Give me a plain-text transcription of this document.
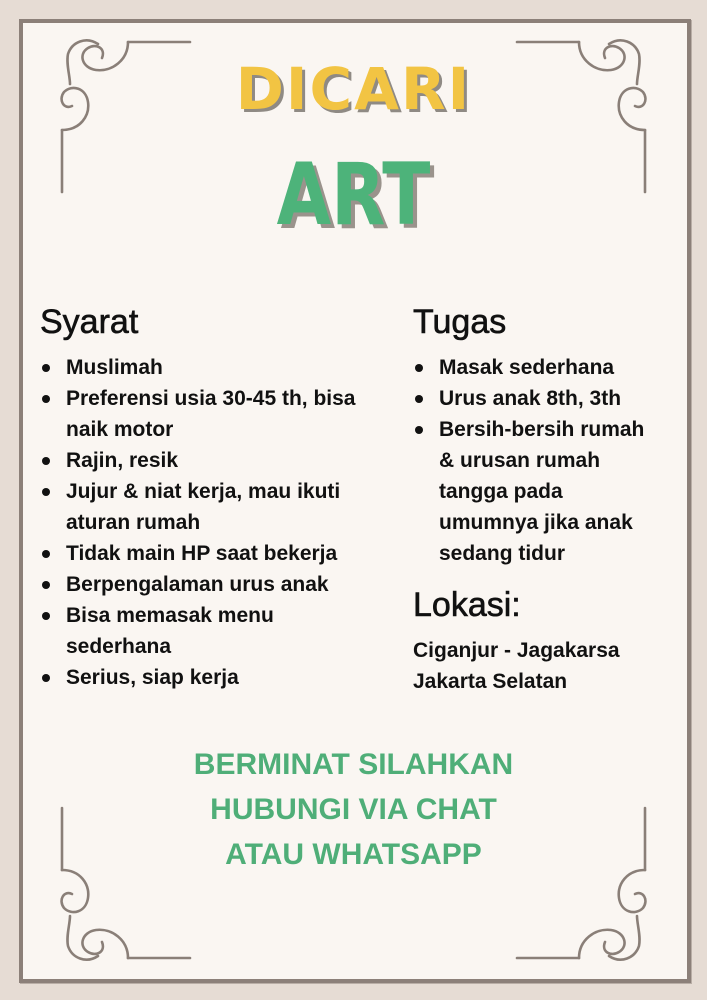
DICARI
ART
Syarat
Muslimah
Preferensi usia 30-45 th, bisa naik motor
Rajin, resik
Jujur & niat kerja, mau ikuti aturan rumah
Tidak main HP saat bekerja
Berpengalaman urus anak
Bisa memasak menu sederhana
Serius, siap kerja
Tugas
Masak sederhana
Urus anak 8th, 3th
Bersih-bersih rumah & urusan rumah tangga pada umumnya jika anak sedang tidur
Lokasi:
Ciganjur - Jagakarsa
Jakarta Selatan
BERMINAT SILAHKAN
HUBUNGI VIA CHAT
ATAU WHATSAPP
